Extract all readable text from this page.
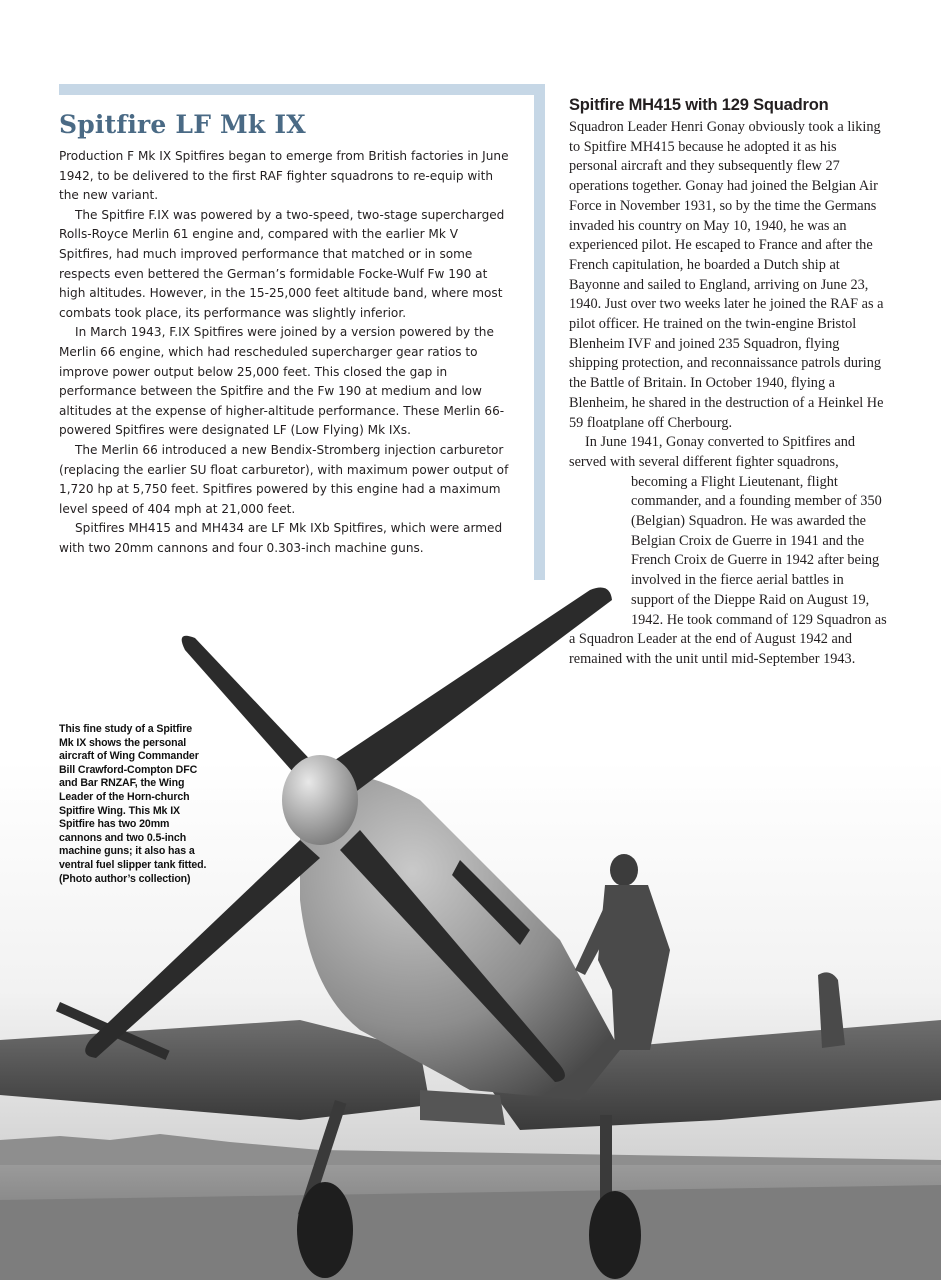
Spitfire LF Mk IX

Production F Mk IX Spitfires began to emerge from British factories in June 1942, to be delivered to the first RAF fighter squadrons to re-equip with the new variant.

The Spitfire F.IX was powered by a two-speed, two-stage supercharged Rolls-Royce Merlin 61 engine and, compared with the earlier Mk V Spitfires, had much improved performance that matched or in some respects even bettered the German’s formidable Focke-Wulf Fw 190 at high altitudes. However, in the 15-25,000 feet altitude band, where most combats took place, its performance was slightly inferior.

In March 1943, F.IX Spitfires were joined by a version powered by the Merlin 66 engine, which had rescheduled supercharger gear ratios to improve power output below 25,000 feet. This closed the gap in performance between the Spitfire and the Fw 190 at medium and low altitudes at the expense of higher-altitude performance. These Merlin 66-powered Spitfires were designated LF (Low Flying) Mk IXs.

The Merlin 66 introduced a new Bendix-Stromberg injection carburetor (replacing the earlier SU float carburetor), with maximum power output of 1,720 hp at 5,750 feet. Spitfires powered by this engine had a maximum level speed of 404 mph at 21,000 feet.

Spitfires MH415 and MH434 are LF Mk IXb Spitfires, which were armed with two 20mm cannons and four 0.303-inch machine guns.

Spitfire MH415 with 129 Squadron

Squadron Leader Henri Gonay obviously took a liking to Spitfire MH415 because he adopted it as his personal aircraft and they subsequently flew 27 operations together. Gonay had joined the Belgian Air Force in November 1931, so by the time the Germans invaded his country on May 10, 1940, he was an experienced pilot. He escaped to France and after the French capitulation, he boarded a Dutch ship at Bayonne and sailed to England, arriving on June 23, 1940. Just over two weeks later he joined the RAF as a pilot officer. He trained on the twin-engine Bristol Blenheim IVF and joined 235 Squadron, flying shipping protection, and reconnaissance patrols during the Battle of Britain. In October 1940, flying a Blenheim, he shared in the destruction of a Heinkel He 59 floatplane off Cherbourg.

In June 1941, Gonay converted to Spitfires and served with several different fighter squadrons, becoming a Flight Lieutenant, flight commander, and a founding member of 350 (Belgian) Squadron. He was awarded the Belgian Croix de Guerre in 1941 and the French Croix de Guerre in 1942 after being involved in the fierce aerial battles in support of the Dieppe Raid on August 19, 1942. He took command of 129 Squadron as a Squadron Leader at the end of August 1942 and remained with the unit until mid-September 1943.

This fine study of a Spitfire Mk IX shows the personal aircraft of Wing Commander Bill Crawford-Compton DFC and Bar RNZAF, the Wing Leader of the Horn-church Spitfire Wing. This Mk IX Spitfire has two 20mm cannons and two 0.5-inch machine guns; it also has a ventral fuel slipper tank fitted. (Photo author’s collection)
